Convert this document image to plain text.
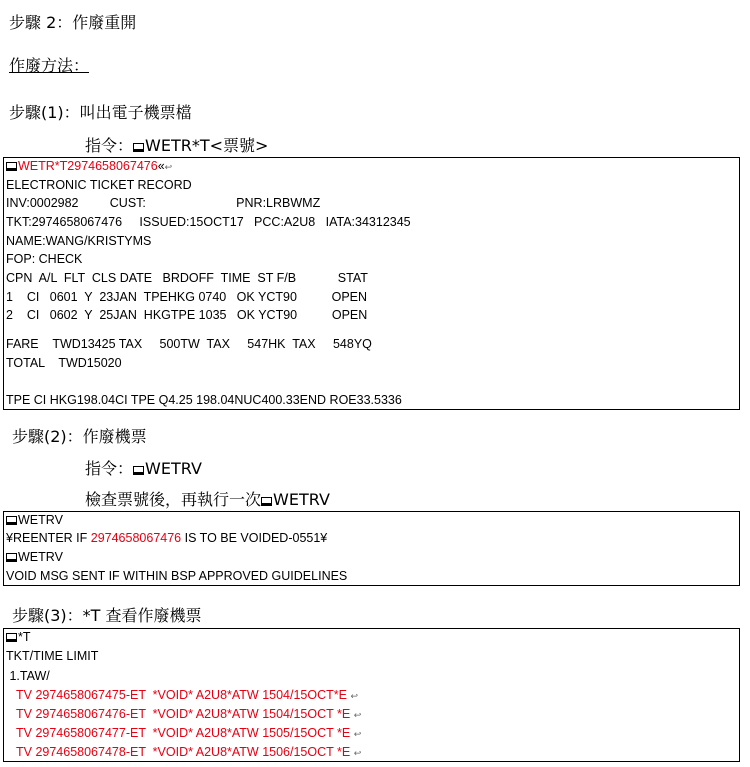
步驟 2：作廢重開
作廢方法：
步驟(1)：叫出電子機票檔
指令： WETR*T<票號>
WETR*T2974658067476«↩
ELECTRONIC TICKET RECORD
INV:0002982         CUST:                          PNR:LRBWMZ
TKT:2974658067476     ISSUED:15OCT17   PCC:A2U8   IATA:34312345
NAME:WANG/KRISTYMS
FOP: CHECK
CPN  A/L  FLT  CLS DATE   BRDOFF  TIME  ST F/B            STAT
1    CI   0601  Y  23JAN  TPEHKG 0740   OK YCT90          OPEN
2    CI   0602  Y  25JAN  HKGTPE 1035   OK YCT90          OPEN
FARE    TWD13425 TAX     500TW  TAX     547HK  TAX     548YQ
TOTAL    TWD15020
TPE CI HKG198.04CI TPE Q4.25 198.04NUC400.33END ROE33.5336
步驟(2)：作廢機票
指令： WETRV
檢查票號後，再執行一次 WETRV
WETRV
¥REENTER IF 2974658067476 IS TO BE VOIDED-0551¥
WETRV
VOID MSG SENT IF WITHIN BSP APPROVED GUIDELINES
步驟(3)：*T 查看作廢機票
*T
TKT/TIME LIMIT
1.TAW/
TV 2974658067475-ET  *VOID* A2U8*ATW 1504/15OCT*E ↩
TV 2974658067476-ET  *VOID* A2U8*ATW 1504/15OCT *E ↩
TV 2974658067477-ET  *VOID* A2U8*ATW 1505/15OCT *E ↩
TV 2974658067478-ET  *VOID* A2U8*ATW 1506/15OCT *E ↩
